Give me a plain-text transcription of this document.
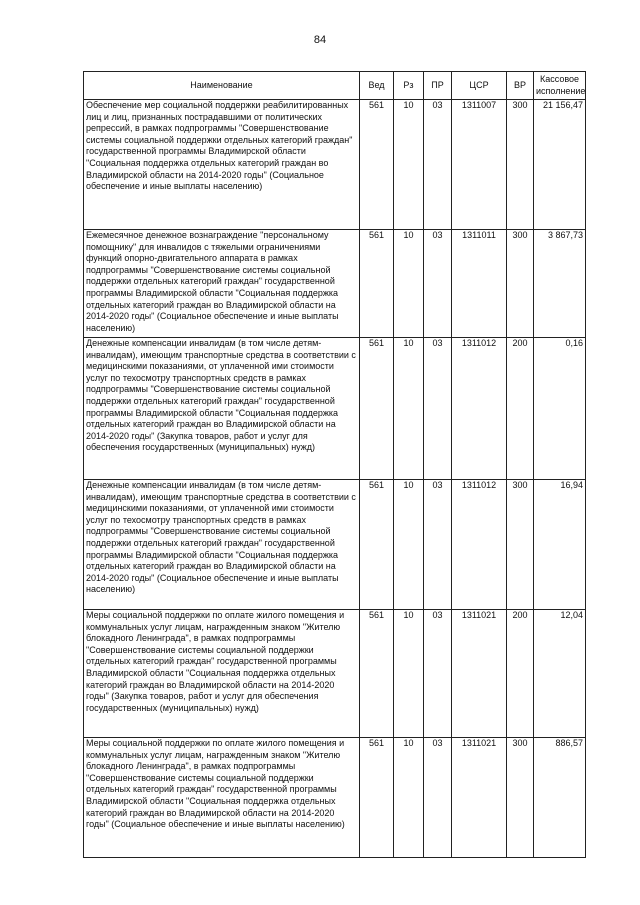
84
Наименование	Вед	Рз	ПР	ЦСР	ВР	Кассовое исполнение
Обеспечение мер социальной поддержки реабилитированных лиц и лиц, признанных пострадавшими от политических репрессий, в рамках подпрограммы "Совершенствование системы социальной поддержки отдельных категорий граждан" государственной программы Владимирской области "Социальная поддержка отдельных категорий граждан во Владимирской области на 2014-2020 годы" (Социальное обеспечение и иные выплаты населению)	561	10	03	1311007	300	21 156,47
Ежемесячное денежное вознаграждение "персональному помощнику" для инвалидов с тяжелыми ограничениями функций опорно-двигательного аппарата в рамках подпрограммы "Совершенствование системы социальной поддержки отдельных категорий граждан" государственной программы Владимирской области "Социальная поддержка отдельных категорий граждан во Владимирской области на 2014-2020 годы" (Социальное обеспечение и иные выплаты населению)	561	10	03	1311011	300	3 867,73
Денежные компенсации инвалидам (в том числе детям-инвалидам), имеющим транспортные средства в соответствии с медицинскими показаниями, от уплаченной ими стоимости услуг по техосмотру транспортных средств в рамках подпрограммы "Совершенствование системы социальной поддержки отдельных категорий граждан" государственной программы Владимирской области "Социальная поддержка отдельных категорий граждан во Владимирской области на 2014-2020 годы" (Закупка товаров, работ и услуг для обеспечения государственных (муниципальных) нужд)	561	10	03	1311012	200	0,16
Денежные компенсации инвалидам (в том числе детям-инвалидам), имеющим транспортные средства в соответствии с медицинскими показаниями, от уплаченной ими стоимости услуг по техосмотру транспортных средств в рамках подпрограммы "Совершенствование системы социальной поддержки отдельных категорий граждан" государственной программы Владимирской области "Социальная поддержка отдельных категорий граждан во Владимирской области на 2014-2020 годы" (Социальное обеспечение и иные выплаты населению)	561	10	03	1311012	300	16,94
Меры социальной поддержки по оплате жилого помещения и коммунальных услуг лицам, награжденным знаком "Жителю блокадного Ленинграда", в рамках подпрограммы "Совершенствование системы социальной поддержки отдельных категорий граждан" государственной программы Владимирской области "Социальная поддержка отдельных категорий граждан во Владимирской области на 2014-2020 годы" (Закупка товаров, работ и услуг для обеспечения государственных (муниципальных) нужд)	561	10	03	1311021	200	12,04
Меры социальной поддержки по оплате жилого помещения и коммунальных услуг лицам, награжденным знаком "Жителю блокадного Ленинграда", в рамках подпрограммы "Совершенствование системы социальной поддержки отдельных категорий граждан" государственной программы Владимирской области "Социальная поддержка отдельных категорий граждан во Владимирской области на 2014-2020 годы" (Социальное обеспечение и иные выплаты населению)	561	10	03	1311021	300	886,57
